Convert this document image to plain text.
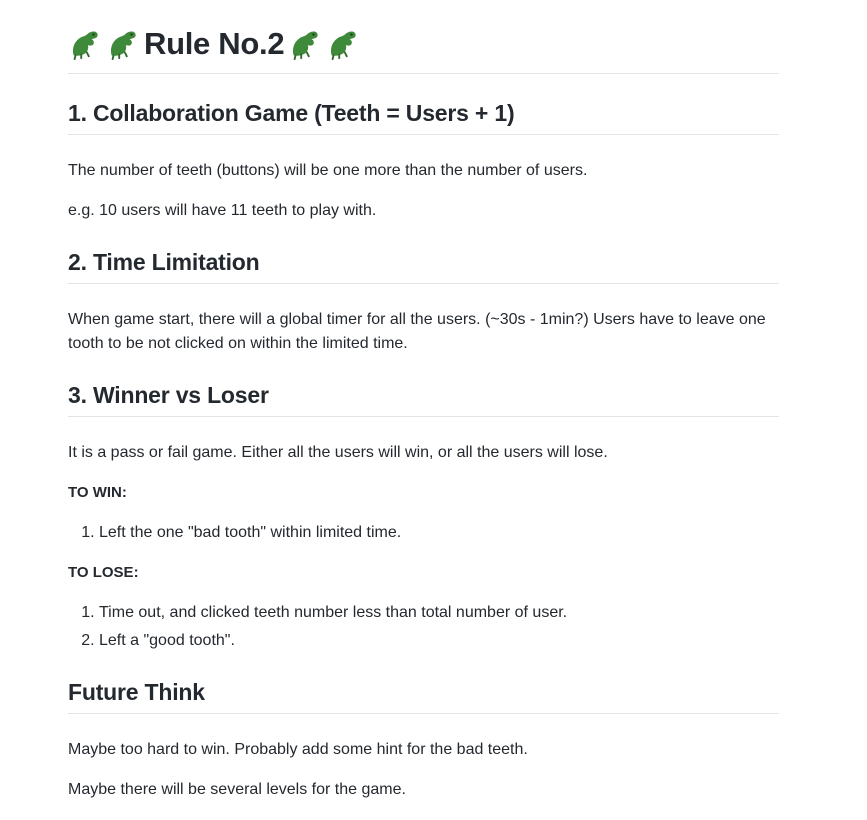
Rule No.2
1. Collaboration Game (Teeth = Users + 1)

The number of teeth (buttons) will be one more than the number of users.

e.g. 10 users will have 11 teeth to play with.

2. Time Limitation

When game start, there will a global timer for all the users. (~30s - 1min?) Users have to leave one tooth to be not clicked on within the limited time.

3. Winner vs Loser

It is a pass or fail game. Either all the users will win, or all the users will lose.

TO WIN:

1. Left the one "bad tooth" within limited time.

TO LOSE:

1. Time out, and clicked teeth number less than total number of user.
2. Left a "good tooth".
Future Think

Maybe too hard to win. Probably add some hint for the bad teeth.

Maybe there will be several levels for the game.
